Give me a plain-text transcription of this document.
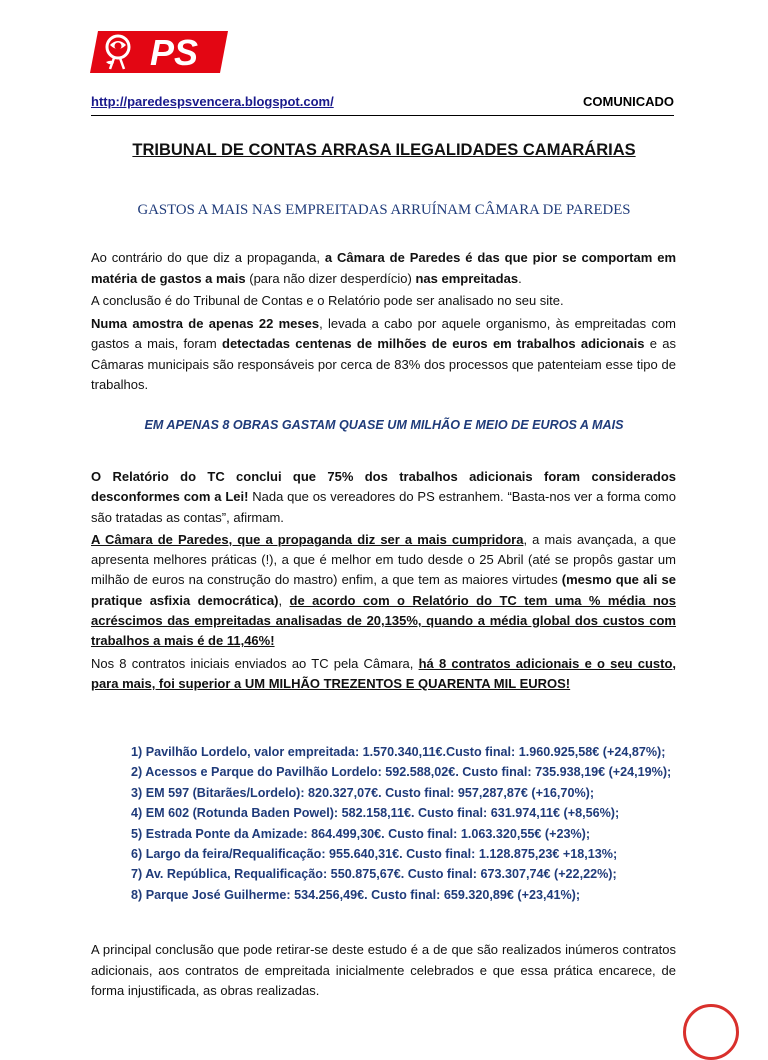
PS
http://paredespsvencera.blogspot.com/	COMUNICADO
TRIBUNAL DE CONTAS ARRASA ILEGALIDADES CAMARÁRIAS
GASTOS A MAIS NAS EMPREITADAS ARRUÍNAM CÂMARA DE PAREDES

Ao contrário do que diz a propaganda, a Câmara de Paredes é das que pior se comportam em matéria de gastos a mais (para não dizer desperdício) nas empreitadas.

A conclusão é do Tribunal de Contas e o Relatório pode ser analisado no seu site.

Numa amostra de apenas 22 meses, levada a cabo por aquele organismo, às empreitadas com gastos a mais, foram detectadas centenas de milhões de euros em trabalhos adicionais e as Câmaras municipais são responsáveis por cerca de 83% dos processos que patenteiam esse tipo de trabalhos.

EM APENAS 8 OBRAS GASTAM QUASE UM MILHÃO E MEIO DE EUROS A MAIS

O Relatório do TC conclui que 75% dos trabalhos adicionais foram considerados desconformes com a Lei! Nada que os vereadores do PS estranhem. “Basta-nos ver a forma como são tratadas as contas”, afirmam.

A Câmara de Paredes, que a propaganda diz ser a mais cumpridora, a mais avançada, a que apresenta melhores práticas (!), a que é melhor em tudo desde o 25 Abril (até se propôs gastar um milhão de euros na construção do mastro) enfim, a que tem as maiores virtudes (mesmo que ali se pratique asfixia democrática), de acordo com o Relatório do TC tem uma % média nos acréscimos das empreitadas analisadas de 20,135%, quando a média global dos custos com trabalhos a mais é de 11,46%!

Nos 8 contratos iniciais enviados ao TC pela Câmara, há 8 contratos adicionais e o seu custo, para mais, foi superior a UM MILHÃO TREZENTOS E QUARENTA MIL EUROS!

1) Pavilhão Lordelo, valor empreitada: 1.570.340,11€.Custo final: 1.960.925,58€ (+24,87%);
2) Acessos e Parque do Pavilhão Lordelo: 592.588,02€. Custo final: 735.938,19€ (+24,19%);
3) EM 597 (Bitarães/Lordelo): 820.327,07€. Custo final: 957,287,87€ (+16,70%);
4) EM 602 (Rotunda Baden Powel): 582.158,11€. Custo final: 631.974,11€ (+8,56%);
5) Estrada Ponte da Amizade: 864.499,30€. Custo final: 1.063.320,55€ (+23%);
6) Largo da feira/Requalificação: 955.640,31€. Custo final: 1.128.875,23€ +18,13%;
7) Av. República, Requalificação: 550.875,67€. Custo final: 673.307,74€ (+22,22%);
8) Parque José Guilherme: 534.256,49€. Custo final: 659.320,89€ (+23,41%);
A principal conclusão que pode retirar-se deste estudo é a de que são realizados inúmeros contratos adicionais, aos contratos de empreitada inicialmente celebrados e que essa prática encarece, de forma injustificada, as obras realizadas.
